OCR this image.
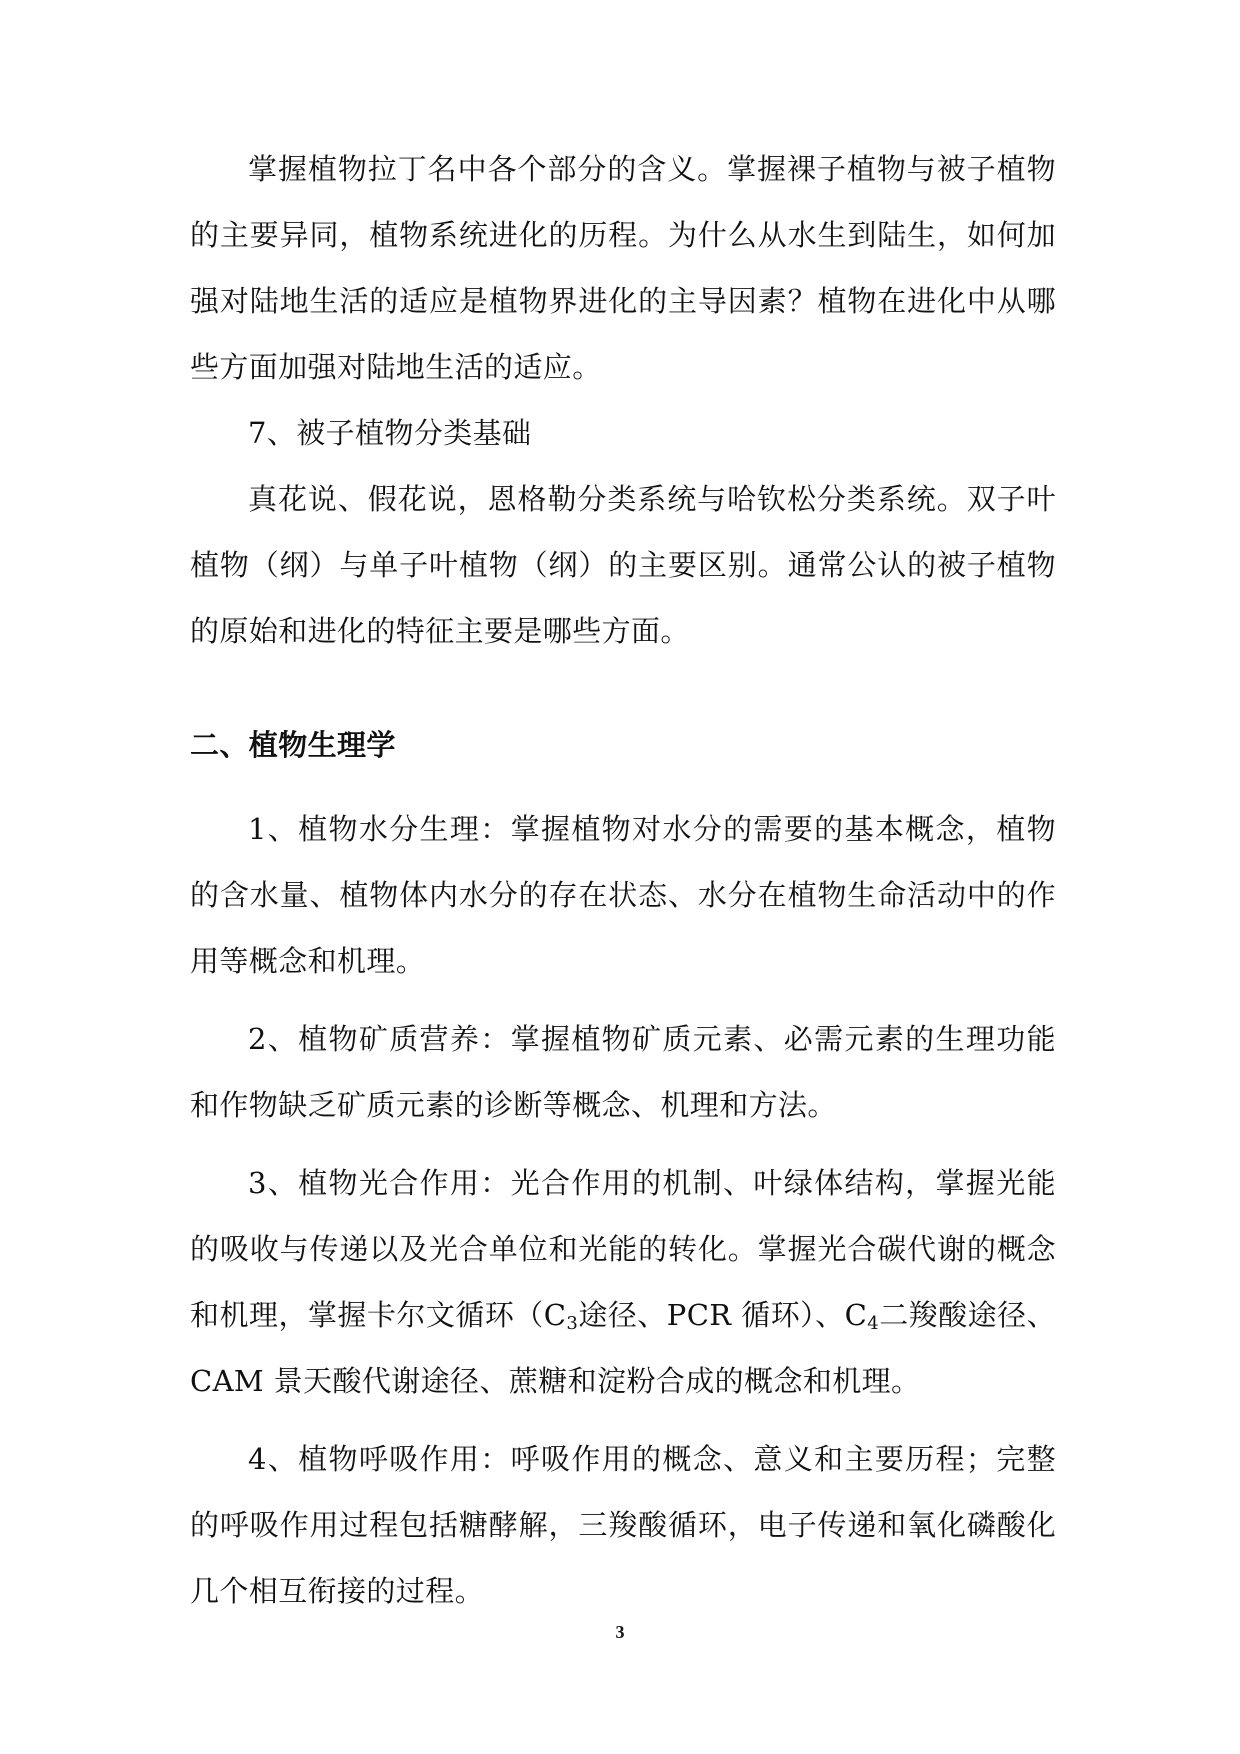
掌握植物拉丁名中各个部分的含义。掌握裸子植物与被子植物的主要异同，植物系统进化的历程。为什么从水生到陆生，如何加强对陆地生活的适应是植物界进化的主导因素？植物在进化中从哪些方面加强对陆地生活的适应。

7、被子植物分类基础

真花说、假花说，恩格勒分类系统与哈钦松分类系统。双子叶植物（纲）与单子叶植物（纲）的主要区别。通常公认的被子植物的原始和进化的特征主要是哪些方面。

二、植物生理学

1、植物水分生理：掌握植物对水分的需要的基本概念，植物的含水量、植物体内水分的存在状态、水分在植物生命活动中的作用等概念和机理。

2、植物矿质营养：掌握植物矿质元素、必需元素的生理功能和作物缺乏矿质元素的诊断等概念、机理和方法。

3、植物光合作用：光合作用的机制、叶绿体结构，掌握光能的吸收与传递以及光合单位和光能的转化。掌握光合碳代谢的概念和机理，掌握卡尔文循环（$C_3$途径、PCR 循环）、$C_4$二羧酸途径、CAM 景天酸代谢途径、蔗糖和淀粉合成的概念和机理。

4、植物呼吸作用：呼吸作用的概念、意义和主要历程；完整的呼吸作用过程包括糖酵解，三羧酸循环，电子传递和氧化磷酸化几个相互衔接的过程。

3
